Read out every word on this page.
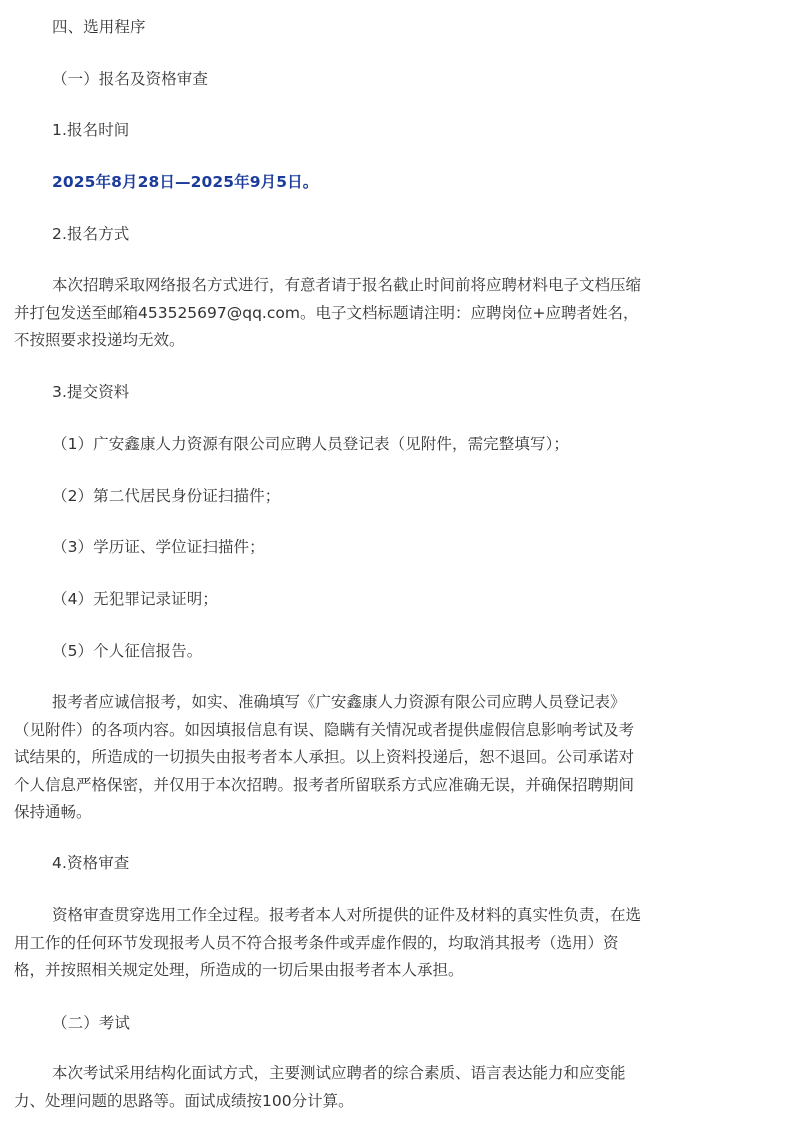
四、选用程序

（一）报名及资格审查

1.报名时间

2025年8月28日—2025年9月5日。

2.报名方式

本次招聘采取网络报名方式进行，有意者请于报名截止时间前将应聘材料电子文档压缩
并打包发送至邮箱453525697@qq.com。电子文档标题请注明：应聘岗位+应聘者姓名，
不按照要求投递均无效。

3.提交资料

（1）广安鑫康人力资源有限公司应聘人员登记表（见附件，需完整填写）；

（2）第二代居民身份证扫描件；

（3）学历证、学位证扫描件；

（4）无犯罪记录证明；

（5）个人征信报告。

报考者应诚信报考，如实、准确填写《广安鑫康人力资源有限公司应聘人员登记表》
（见附件）的各项内容。如因填报信息有误、隐瞒有关情况或者提供虚假信息影响考试及考
试结果的，所造成的一切损失由报考者本人承担。以上资料投递后，恕不退回。公司承诺对
个人信息严格保密，并仅用于本次招聘。报考者所留联系方式应准确无误，并确保招聘期间
保持通畅。

4.资格审查

资格审查贯穿选用工作全过程。报考者本人对所提供的证件及材料的真实性负责，在选
用工作的任何环节发现报考人员不符合报考条件或弄虚作假的，均取消其报考（选用）资
格，并按照相关规定处理，所造成的一切后果由报考者本人承担。

（二）考试

本次考试采用结构化面试方式，主要测试应聘者的综合素质、语言表达能力和应变能
力、处理问题的思路等。面试成绩按100分计算。
